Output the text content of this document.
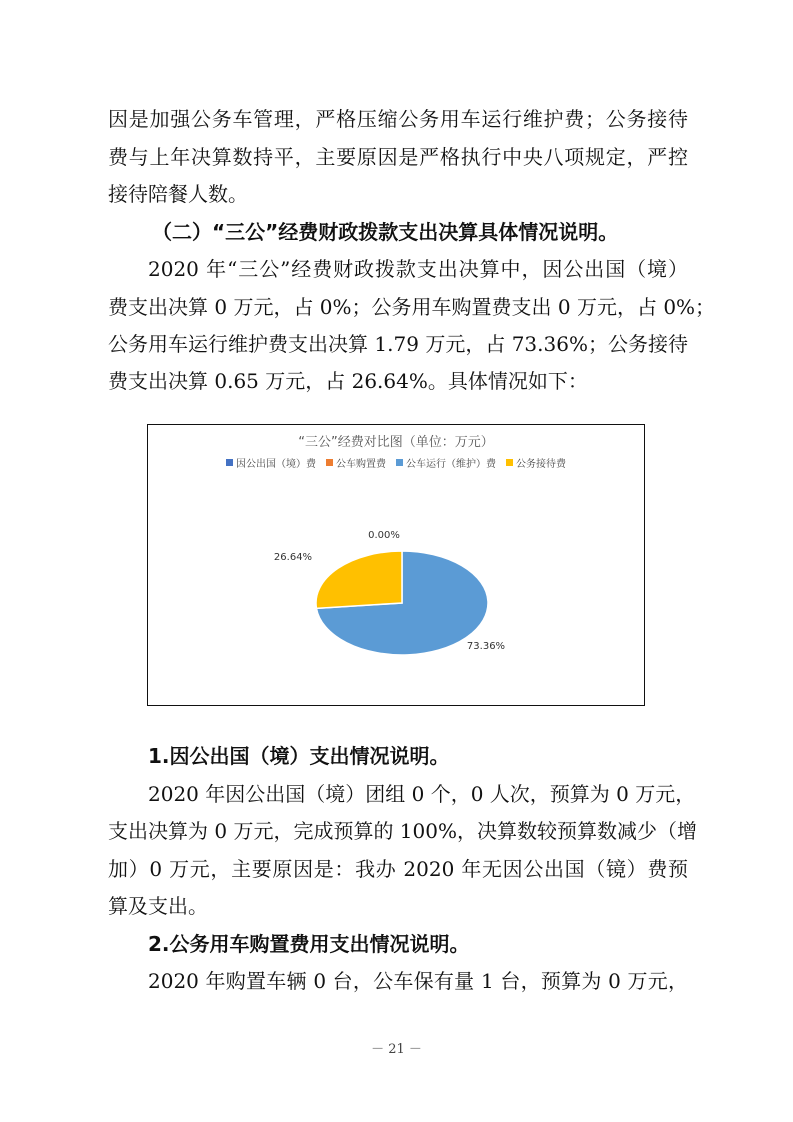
因是加强公务车管理，严格压缩公务用车运行维护费；公务接待
费与上年决算数持平，主要原因是严格执行中央八项规定，严控
接待陪餐人数。
（二）“三公”经费财政拨款支出决算具体情况说明。
2020 年“三公”经费财政拨款支出决算中，因公出国（境）
费支出决算 0 万元，占 0%；公务用车购置费支出 0 万元，占 0%；
公务用车运行维护费支出决算 1.79 万元，占 73.36%；公务接待
费支出决算 0.65 万元，占 26.64%。具体情况如下：
“三公”经费对比图（单位：万元）
因公出国（境）费 公车购置费 公车运行（维护）费 公务接待费
0.00%
73.36%
26.64%
1.因公出国（境）支出情况说明。
2020 年因公出国（境）团组 0 个，0 人次，预算为 0 万元，
支出决算为 0 万元，完成预算的 100%，决算数较预算数减少（增
加）0 万元，主要原因是：我办 2020 年无因公出国（镜）费预
算及支出。
2.公务用车购置费用支出情况说明。
2020 年购置车辆 0 台，公车保有量 1 台，预算为 0 万元，
－ 21 －
